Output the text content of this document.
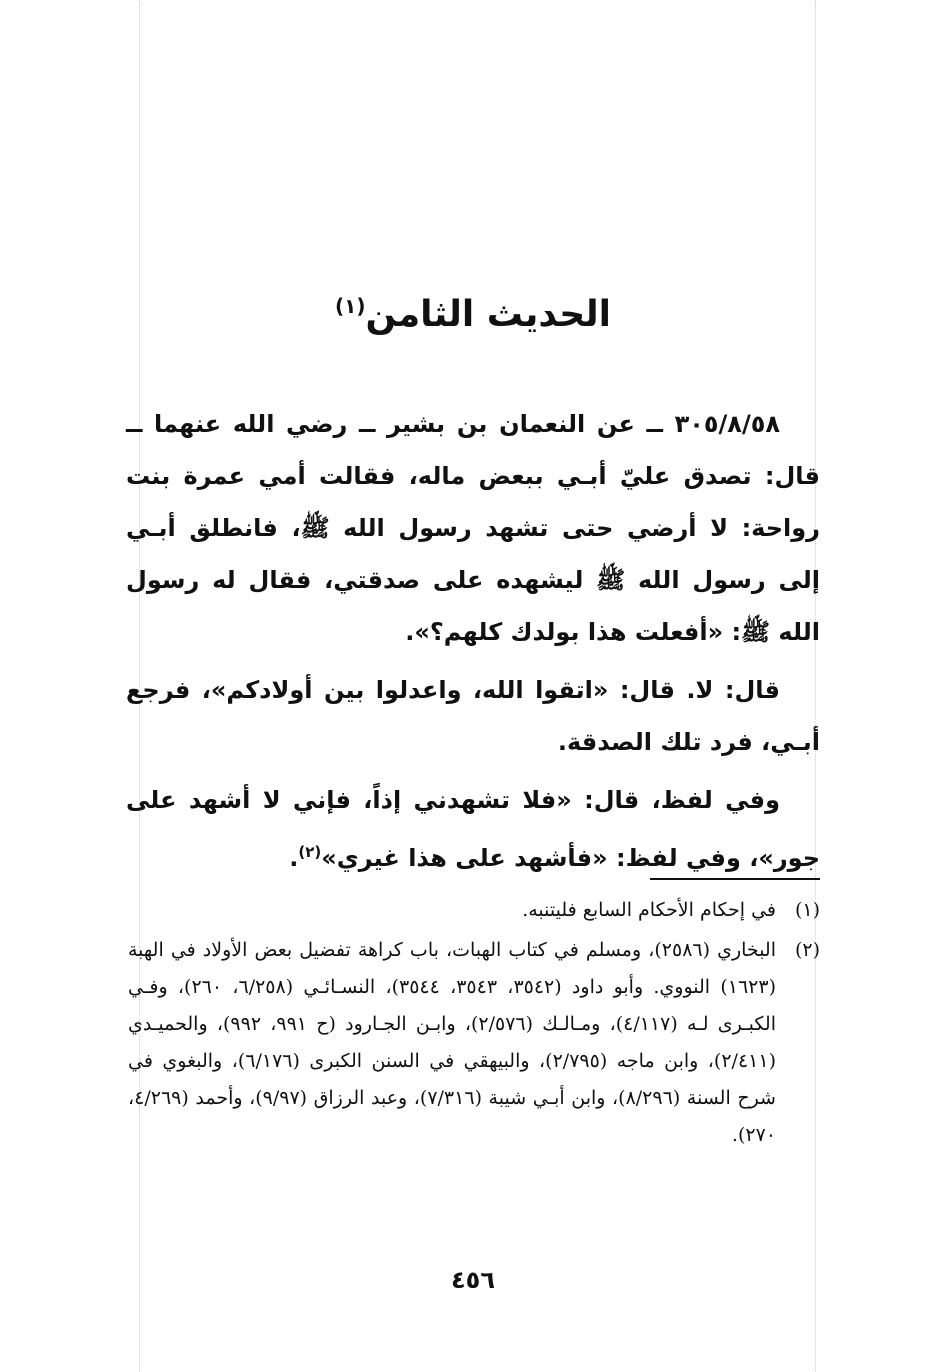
الحديث الثامن$^{(١)}$

٣٠٥/٨/٥٨ ــ عن النعمان بن بشير ــ رضي الله عنهما ــ قال: تصدق عليّ أبـي ببعض ماله، فقالت أمي عمرة بنت رواحة: لا أرضي حتى تشهد رسول الله ﷺ، فانطلق أبـي إلى رسول الله ﷺ ليشهده على صدقتي، فقال له رسول الله ﷺ: «أفعلت هذا بولدك كلهم؟».

قال: لا. قال: «اتقوا الله، واعدلوا بين أولادكم»، فرجع أبـي، فرد تلك الصدقة.

وفي لفظ، قال: «فلا تشهدني إذاً، فإني لا أشهد على جور»، وفي لفظ: «فأشهد على هذا غيري»$^{(٢)}$.

(١)
في إحكام الأحكام السابع فليتنبه.
(٢)
البخاري (٢٥٨٦)، ومسلم في كتاب الهبات، باب كراهة تفضيل بعض الأولاد في الهبة (١٦٢٣) النووي. وأبو داود (٣٥٤٢، ٣٥٤٣، ٣٥٤٤)، النسـائـي (٦/٢٥٨، ٢٦٠)، وفـي الكبـرى لـه (٤/١١٧)، ومـالـك (٢/٥٧٦)، وابـن الجـارود (ح ٩٩١، ٩٩٢)، والحميـدي (٢/٤١١)، وابن ماجه (٢/٧٩٥)، والبيهقي في السنن الكبرى (٦/١٧٦)، والبغوي في شرح السنة (٨/٢٩٦)، وابن أبـي شيبة (٧/٣١٦)، وعبد الرزاق (٩/٩٧)، وأحمد (٤/٢٦٩، ٢٧٠).
٤٥٦
